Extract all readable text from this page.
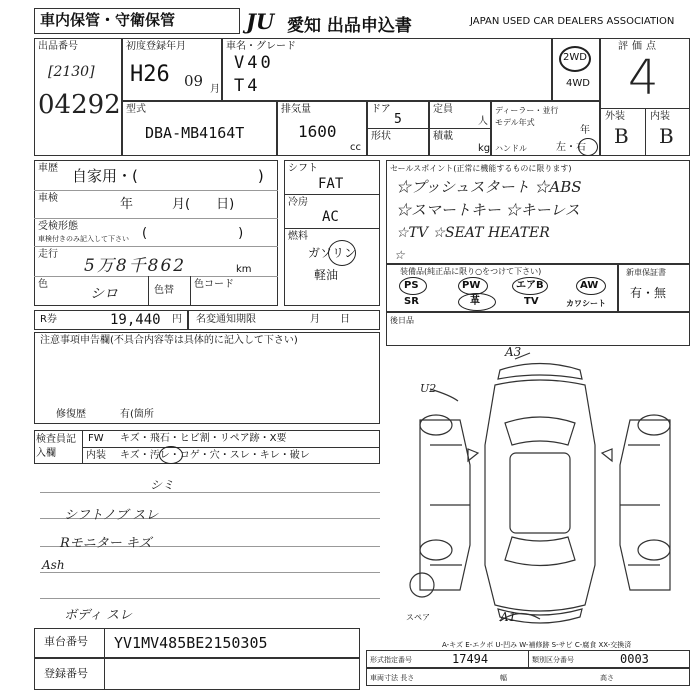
車内保管・守衛保管	JU 愛知 出品申込書	JAPAN USED CAR DEALERS ASSOCIATION
出品番号
[2130]
04292
初度登録年月
H26 09 月
車名・グレード
V40
T4
2WD
4WD
評価点
4
外装	内装
B B
型式
DBA-MB4164T
排気量
1600
cc
ドア
5
形状
定員
人
積載
kg
ディーラー・並行
モデル年式
年
ハンドル	左・右
車歴 自家用・(　　　　　　　　)
車検	年　　　月(　　日)
受検形態
車検付きのみ記入して下さい (　　　　　　　)
走行
5万8千862	km
色
シロ	色替
色コード
シフト
FAT
冷房
AC
燃料
ガソリン
軽油
セールスポイント(正常に機能するものに限ります)
☆プッシュスタート ☆ABS
☆スマートキー ☆キーレス
☆TV ☆SEAT HEATER
☆
装備品(純正品に限り○をつけて下さい)
PS	PW	エアB	AW
SR	革	TV	カワシート
新車保証書
有・無
R券	19,440 円 名変通知期限	月　　日	後日品
注意事項申告欄(不具合内容等は具体的に記入して下さい)
修復歴	有(箇所
検査員記入欄
FW キズ・飛石・ヒビ割・リペア跡・X要
内装 キズ・汚レ・コゲ・穴・スレ・キレ・破レ
シミ
シフトノブ スレ
Rモニター キズ
Ash
ボディ スレ
A3
A1
U2
スペア
A-キズ E-エクボ U-凹み W-補修跡 S-サビ C-腐食 XX-交換済
車台番号 YV1MV485BE2150305
登録番号
形式指定番号	17494	類別区分番号	0003
車両寸法 長さ	幅	高さ
